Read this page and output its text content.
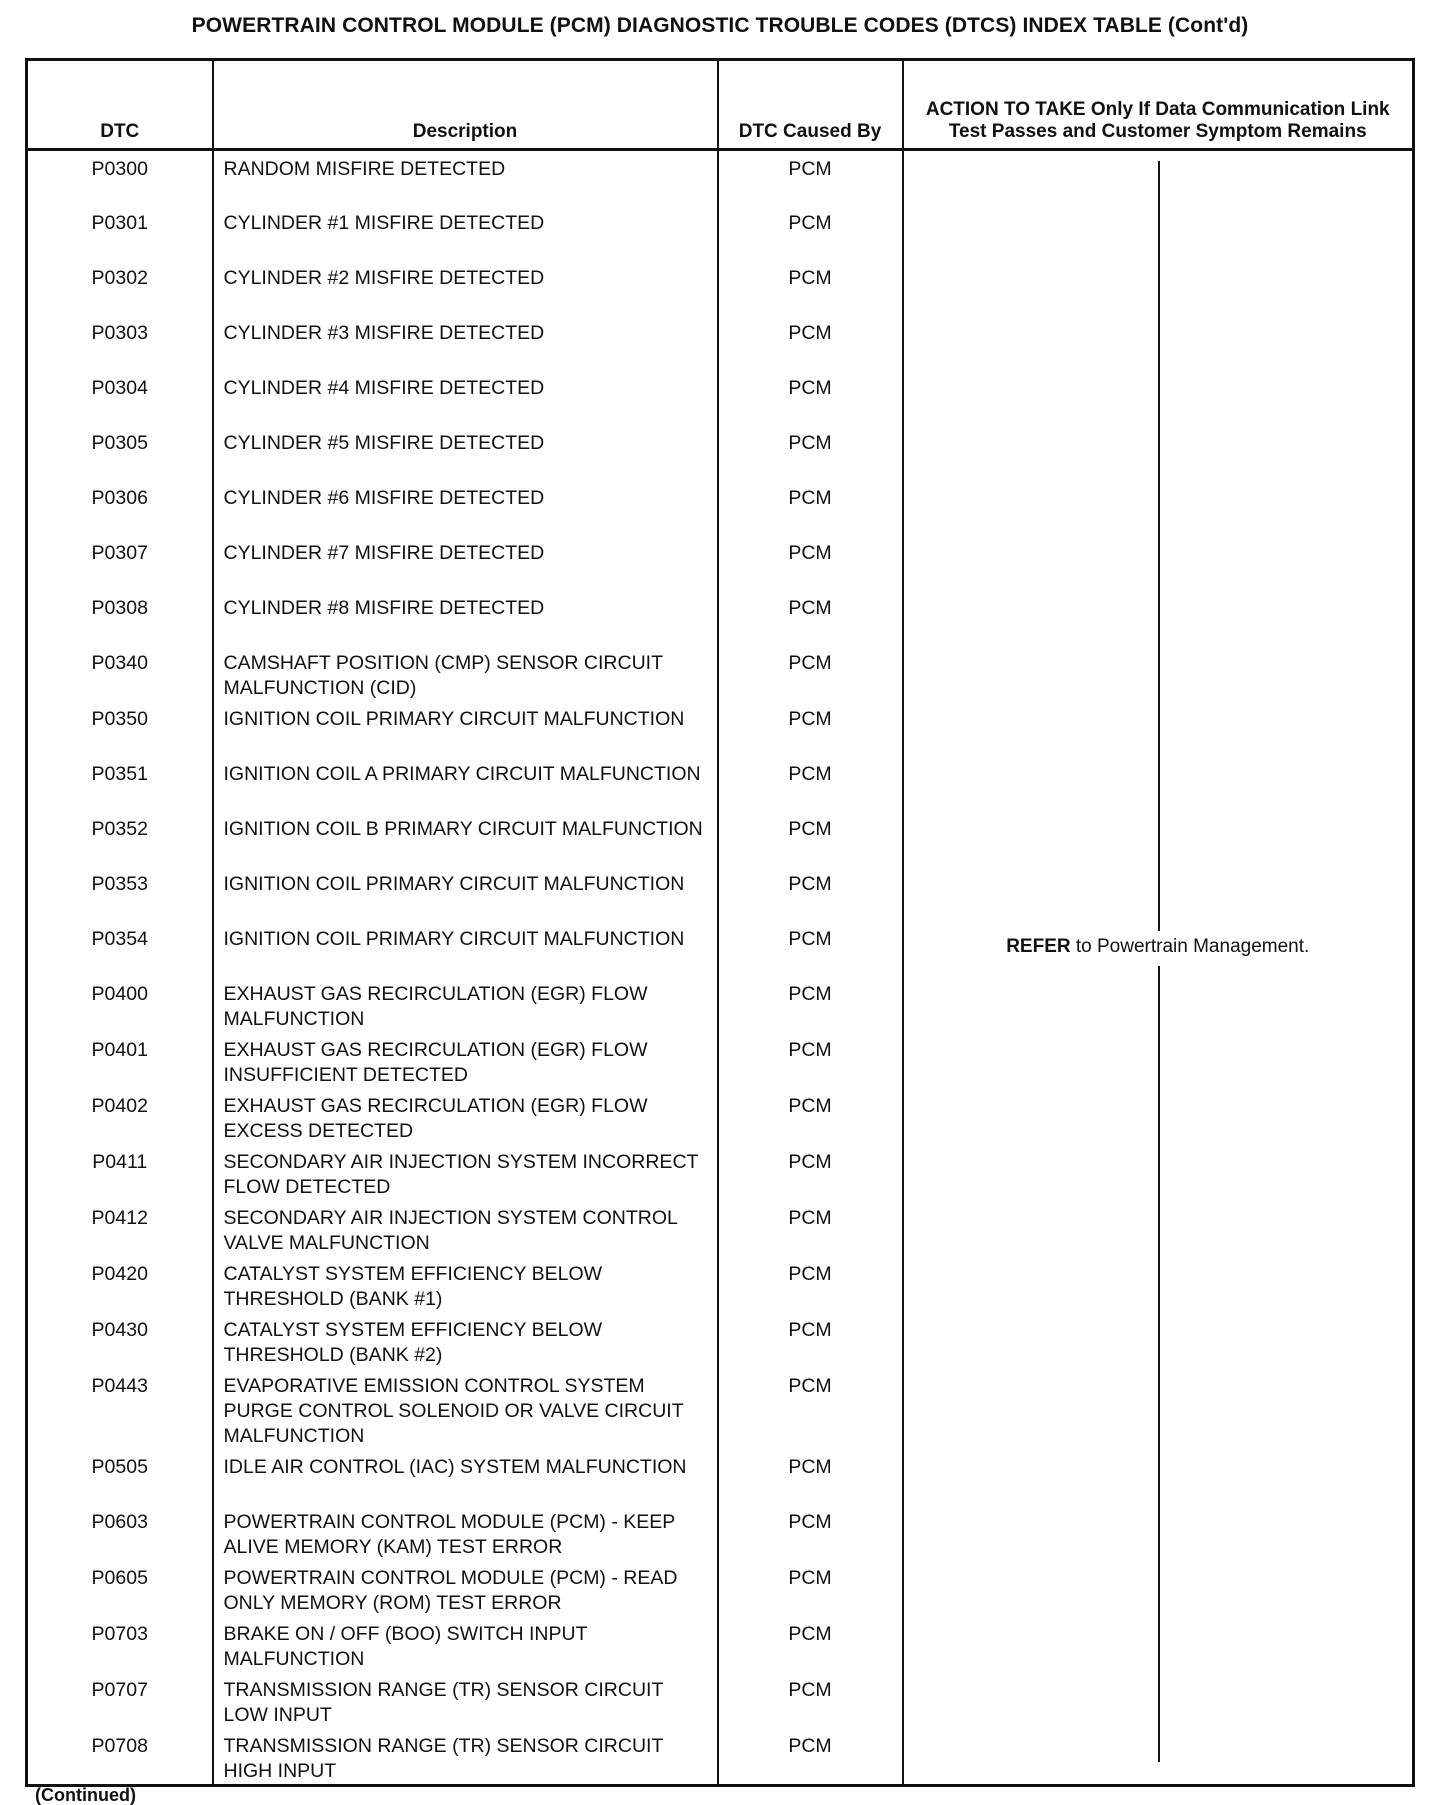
POWERTRAIN CONTROL MODULE (PCM) DIAGNOSTIC TROUBLE CODES (DTCS) INDEX TABLE (Cont'd)
DTC	Description	DTC Caused By	ACTION TO TAKE Only If Data Communication Link Test Passes and Customer Symptom Remains
P0300	RANDOM MISFIRE DETECTED	PCM	REFER to Powertrain Management.

P0301	CYLINDER #1 MISFIRE DETECTED	PCM	
P0302	CYLINDER #2 MISFIRE DETECTED	PCM	
P0303	CYLINDER #3 MISFIRE DETECTED	PCM	
P0304	CYLINDER #4 MISFIRE DETECTED	PCM	
P0305	CYLINDER #5 MISFIRE DETECTED	PCM	
P0306	CYLINDER #6 MISFIRE DETECTED	PCM	
P0307	CYLINDER #7 MISFIRE DETECTED	PCM	
P0308	CYLINDER #8 MISFIRE DETECTED	PCM	
P0340	CAMSHAFT POSITION (CMP) SENSOR CIRCUIT MALFUNCTION (CID)	PCM	
P0350	IGNITION COIL PRIMARY CIRCUIT MALFUNCTION	PCM	
P0351	IGNITION COIL A PRIMARY CIRCUIT MALFUNCTION	PCM	
P0352	IGNITION COIL B PRIMARY CIRCUIT MALFUNCTION	PCM	
P0353	IGNITION COIL PRIMARY CIRCUIT MALFUNCTION	PCM	
P0354	IGNITION COIL PRIMARY CIRCUIT MALFUNCTION	PCM	
P0400	EXHAUST GAS RECIRCULATION (EGR) FLOW MALFUNCTION	PCM	
P0401	EXHAUST GAS RECIRCULATION (EGR) FLOW INSUFFICIENT DETECTED	PCM	
P0402	EXHAUST GAS RECIRCULATION (EGR) FLOW EXCESS DETECTED	PCM	
P0411	SECONDARY AIR INJECTION SYSTEM INCORRECT FLOW DETECTED	PCM	
P0412	SECONDARY AIR INJECTION SYSTEM CONTROL VALVE MALFUNCTION	PCM	
P0420	CATALYST SYSTEM EFFICIENCY BELOW THRESHOLD (BANK #1)	PCM	
P0430	CATALYST SYSTEM EFFICIENCY BELOW THRESHOLD (BANK #2)	PCM	
P0443	EVAPORATIVE EMISSION CONTROL SYSTEM PURGE CONTROL SOLENOID OR VALVE CIRCUIT MALFUNCTION	PCM	
P0505	IDLE AIR CONTROL (IAC) SYSTEM MALFUNCTION	PCM	
P0603	POWERTRAIN CONTROL MODULE (PCM) - KEEP ALIVE MEMORY (KAM) TEST ERROR	PCM	
P0605	POWERTRAIN CONTROL MODULE (PCM) - READ ONLY MEMORY (ROM) TEST ERROR	PCM	
P0703	BRAKE ON / OFF (BOO) SWITCH INPUT MALFUNCTION	PCM	
P0707	TRANSMISSION RANGE (TR) SENSOR CIRCUIT LOW INPUT	PCM	
P0708	TRANSMISSION RANGE (TR) SENSOR CIRCUIT HIGH INPUT	PCM	
(Continued)
